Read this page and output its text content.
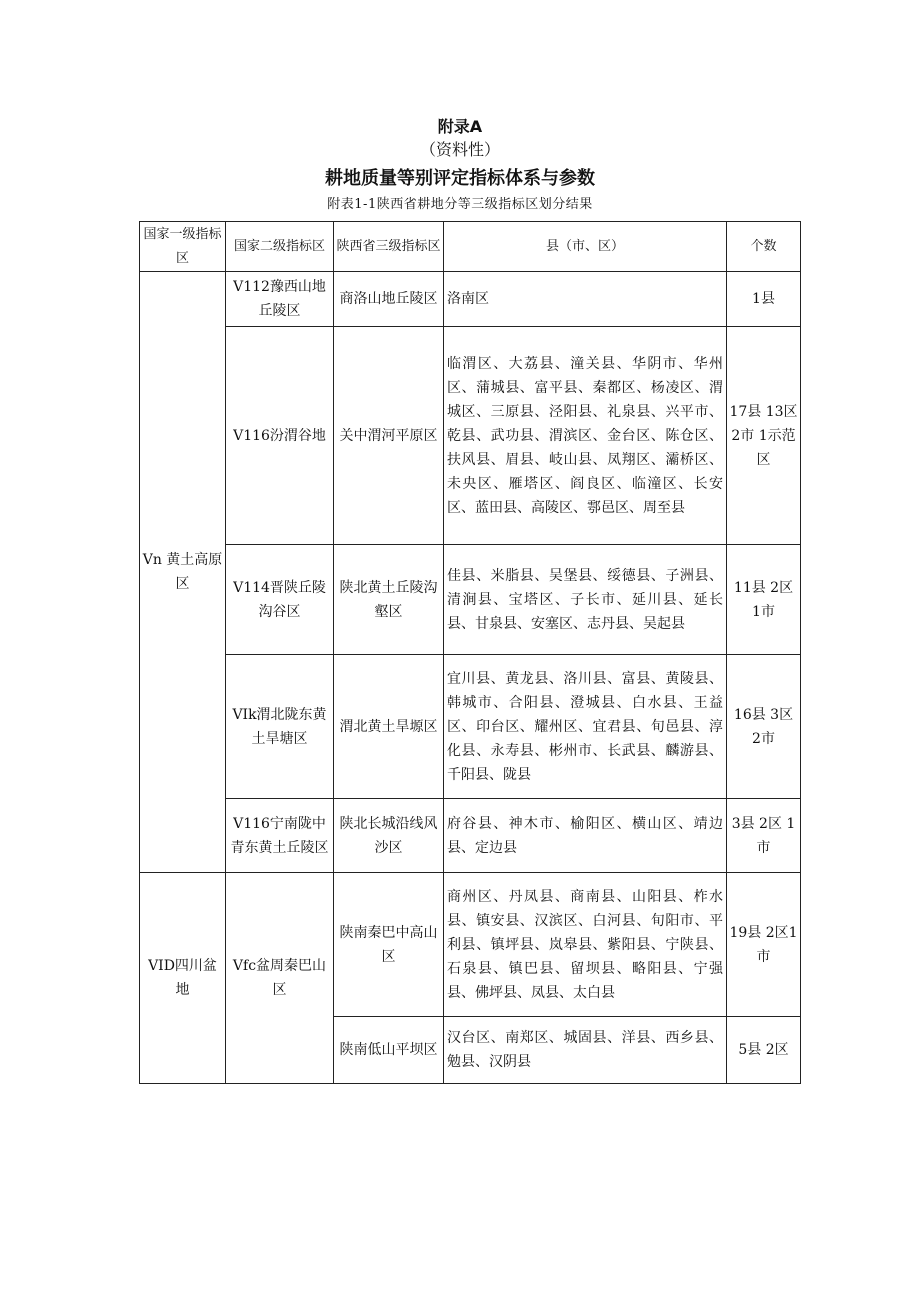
附录A
（资料性）
耕地质量等别评定指标体系与参数
附表1-1陕西省耕地分等三级指标区划分结果
国家一级指标区	国家二级指标区	陕西省三级指标区	县（市、区）	个数
Vn 黄土高原区	V112豫西山地丘陵区	商洛山地丘陵区	洛南区	1县
	V116汾渭谷地	关中渭河平原区	临渭区、大荔县、潼关县、华阴市、华州区、蒲城县、富平县、秦都区、杨凌区、渭城区、三原县、泾阳县、礼泉县、兴平市、乾县、武功县、渭滨区、金台区、陈仓区、扶风县、眉县、岐山县、凤翔区、灞桥区、未央区、雁塔区、阎良区、临潼区、长安区、蓝田县、高陵区、鄠邑区、周至县	17县 13区 2市 1示范区
	V114晋陕丘陵沟谷区	陕北黄土丘陵沟壑区	佳县、米脂县、吴堡县、绥德县、子洲县、清涧县、宝塔区、子长市、延川县、延长县、甘泉县、安塞区、志丹县、吴起县	11县 2区 1市
	VIk渭北陇东黄土旱塘区	渭北黄土旱塬区	宜川县、黄龙县、洛川县、富县、黄陵县、韩城市、合阳县、澄城县、白水县、王益区、印台区、耀州区、宜君县、旬邑县、淳化县、永寿县、彬州市、长武县、麟游县、千阳县、陇县	16县 3区 2市
	V116宁南陇中青东黄土丘陵区	陕北长城沿线风沙区	府谷县、神木市、榆阳区、横山区、靖边县、定边县	3县 2区 1市
VID四川盆地	Vfc盆周秦巴山区	陕南秦巴中高山区	商州区、丹凤县、商南县、山阳县、柞水县、镇安县、汉滨区、白河县、旬阳市、平利县、镇坪县、岚皋县、紫阳县、宁陕县、石泉县、镇巴县、留坝县、略阳县、宁强县、佛坪县、凤县、太白县	19县 2区1市
		陕南低山平坝区	汉台区、南郑区、城固县、洋县、西乡县、勉县、汉阴县	5县 2区
